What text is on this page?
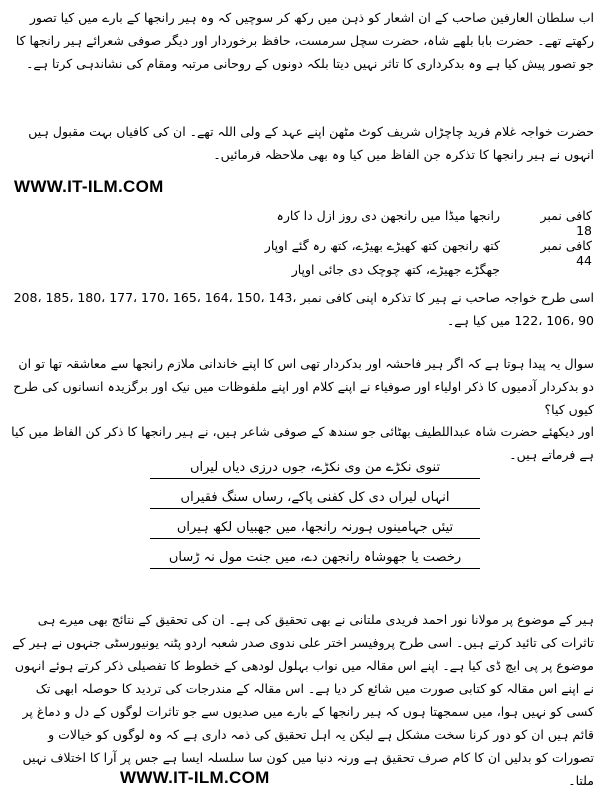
اب سلطان العارفین صاحب کے ان اشعار کو ذہن میں رکھ کر سوچیں کہ وہ ہیر رانجھا کے بارے میں کیا تصور رکھتے تھے۔ حضرت بابا بلھے شاہ، حضرت سچل سرمست، حافظ برخوردار اور دیگر صوفی شعرائے ہیر رانجھا کا جو تصور پیش کیا ہے وہ بدکرداری کا تاثر نہیں دیتا بلکہ دونوں کے روحانی مرتبہ ومقام کی نشاندہی کرتا ہے۔
حضرت خواجہ غلام فرید چاچڑاں شریف کوٹ مٹھن اپنے عہد کے ولی اللہ تھے۔ ان کی کافیاں بہت مقبول ہیں انہوں نے ہیر رانجھا کا تذکرہ جن الفاظ میں کیا وہ بھی ملاحظہ فرمائیں۔
WWW.IT-ILM.COM
کافی نمبر 18
رانجھا میڈا میں رانجھن دی روز ازل دا کارہ
کافی نمبر 44
کتھ رانجھن کتھ کھیڑے بھیڑے، کتھ رہ گئے اوپار
جھگڑے جھیڑے، کتھ چوچک دی جائی اوپار
اسی طرح خواجہ صاحب نے ہیر کا تذکرہ اپنی کافی نمبر 208، 185، 180، 177، 170، 165، 164، 150، 143، 122، 106، 90 میں کیا ہے۔
سوال یہ پیدا ہوتا ہے کہ اگر ہیر فاحشہ اور بدکردار تھی اس کا اپنے خاندانی ملازم رانجھا سے معاشقہ تھا تو ان دو بدکردار آدمیوں کا ذکر اولیاء اور صوفیاء نے اپنے کلام اور اپنے ملفوظات میں نیک اور برگزیدہ انسانوں کی طرح کیوں کیا؟
اور دیکھئے حضرت شاہ عبداللطیف بھٹائی جو سندھ کے صوفی شاعر ہیں، نے ہیر رانجھا کا ذکر کن الفاظ میں کیا ہے فرماتے ہیں۔
تنوی نکڑے من وی نکڑے، جوں درزی دیاں لیراں
انہاں لیراں دی کل کفنی پاکے، رساں سنگ فقیراں
تیئں جہامینوں ہورنہ رانجھا، میں جھبیاں لکھ ہیراں
رخصت یا جھوشاہ رانجھن دے، میں جنت مول نہ ڑساں
ہیر کے موضوع پر مولانا نور احمد فریدی ملتانی نے بھی تحقیق کی ہے۔ ان کی تحقیق کے نتائج بھی میرے ہی تاثرات کی تائید کرتے ہیں۔ اسی طرح پروفیسر اختر علی ندوی صدر شعبہ اردو پٹنہ یونیورسٹی جنہوں نے ہیر کے موضوع پر پی ایچ ڈی کیا ہے۔ اپنے اس مقالہ میں نواب بہلول لودھی کے خطوط کا تفصیلی ذکر کرتے ہوئے انہوں نے اپنے اس مقالہ کو کتابی صورت میں شائع کر دیا ہے۔ اس مقالہ کے مندرجات کی تردید کا حوصلہ ابھی تک کسی کو نہیں ہوا، میں سمجھتا ہوں کہ ہیر رانجھا کے بارے میں صدیوں سے جو تاثرات لوگوں کے دل و دماغ پر قائم ہیں ان کو دور کرنا سخت مشکل ہے لیکن یہ اہل تحقیق کی ذمہ داری ہے کہ وہ لوگوں کو خیالات و تصورات کو بدلیں ان کا کام صرف تحقیق ہے ورنہ دنیا میں کون سا سلسلہ ایسا ہے جس پر آرا کا اختلاف نہیں ملتا۔
WWW.IT-ILM.COM
